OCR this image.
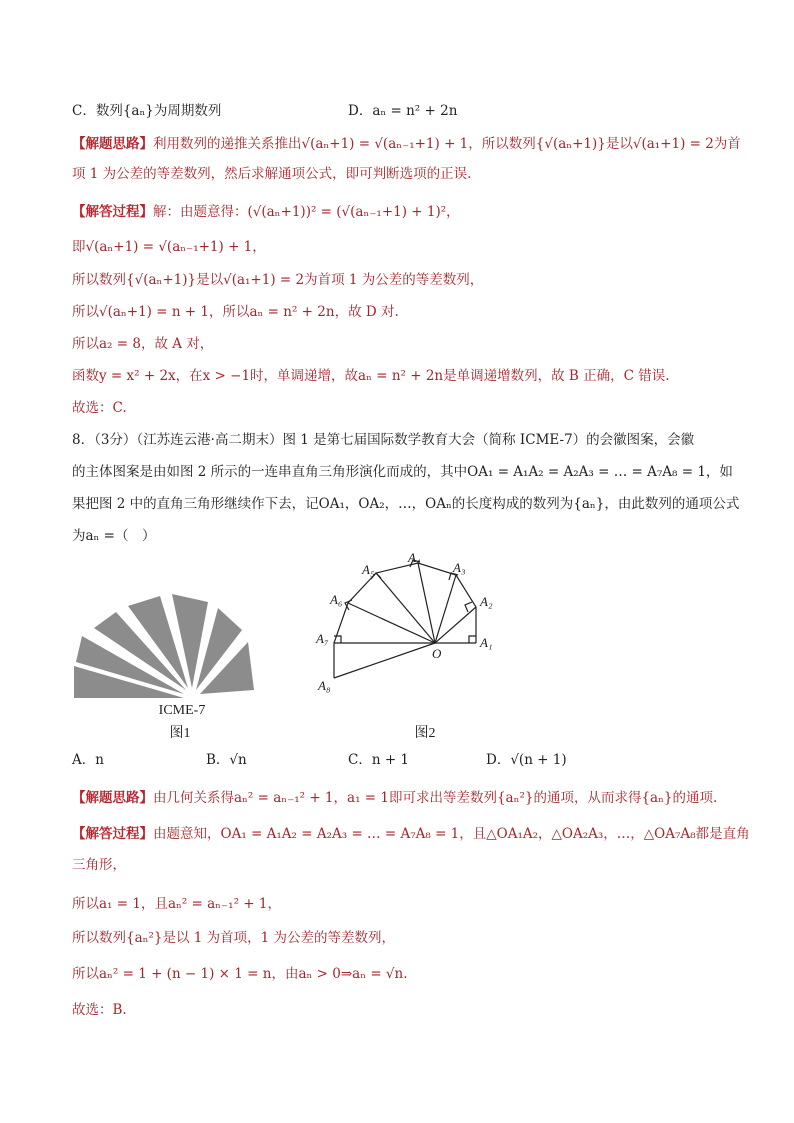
C．数列{aₙ}为周期数列	D．aₙ = n² + 2n
【解题思路】利用数列的递推关系推出√(aₙ+1) = √(aₙ₋₁+1) + 1，所以数列{√(aₙ+1)}是以√(a₁+1) = 2为首
项 1 为公差的等差数列，然后求解通项公式，即可判断选项的正误.
【解答过程】解：由题意得：(√(aₙ+1))² = (√(aₙ₋₁+1) + 1)²，
即√(aₙ+1) = √(aₙ₋₁+1) + 1，
所以数列{√(aₙ+1)}是以√(a₁+1) = 2为首项 1 为公差的等差数列，
所以√(aₙ+1) = n + 1，所以aₙ = n² + 2n，故 D 对.
所以a₂ = 8，故 A 对，
函数y = x² + 2x，在x > −1时，单调递增，故aₙ = n² + 2n是单调递增数列，故 B 正确，C 错误.
故选：C.
8．（3分）（江苏连云港·高二期末）图 1 是第七届国际数学教育大会（简称 ICME-7）的会徽图案，会徽
的主体图案是由如图 2 所示的一连串直角三角形演化而成的，其中OA₁ = A₁A₂ = A₂A₃ = … = A₇A₈ = 1，如
果把图 2 中的直角三角形继续作下去，记OA₁，OA₂，…，OAₙ的长度构成的数列为{aₙ}，由此数列的通项公式
为aₙ =（　）
ICME-7
图1
A₁
A₂
A₃
A₄
A₅
A₆
A₇
A₈
O
图2
A．n	B．√n	C．n + 1	D．√(n + 1)
【解题思路】由几何关系得aₙ² = aₙ₋₁² + 1，a₁ = 1即可求出等差数列{aₙ²}的通项，从而求得{aₙ}的通项.
【解答过程】由题意知，OA₁ = A₁A₂ = A₂A₃ = … = A₇A₈ = 1，且△OA₁A₂，△OA₂A₃，…，△OA₇A₈都是直角
三角形，
所以a₁ = 1，且aₙ² = aₙ₋₁² + 1，
所以数列{aₙ²}是以 1 为首项，1 为公差的等差数列，
所以aₙ² = 1 + (n − 1) × 1 = n，由aₙ > 0⇒aₙ = √n.
故选：B.
